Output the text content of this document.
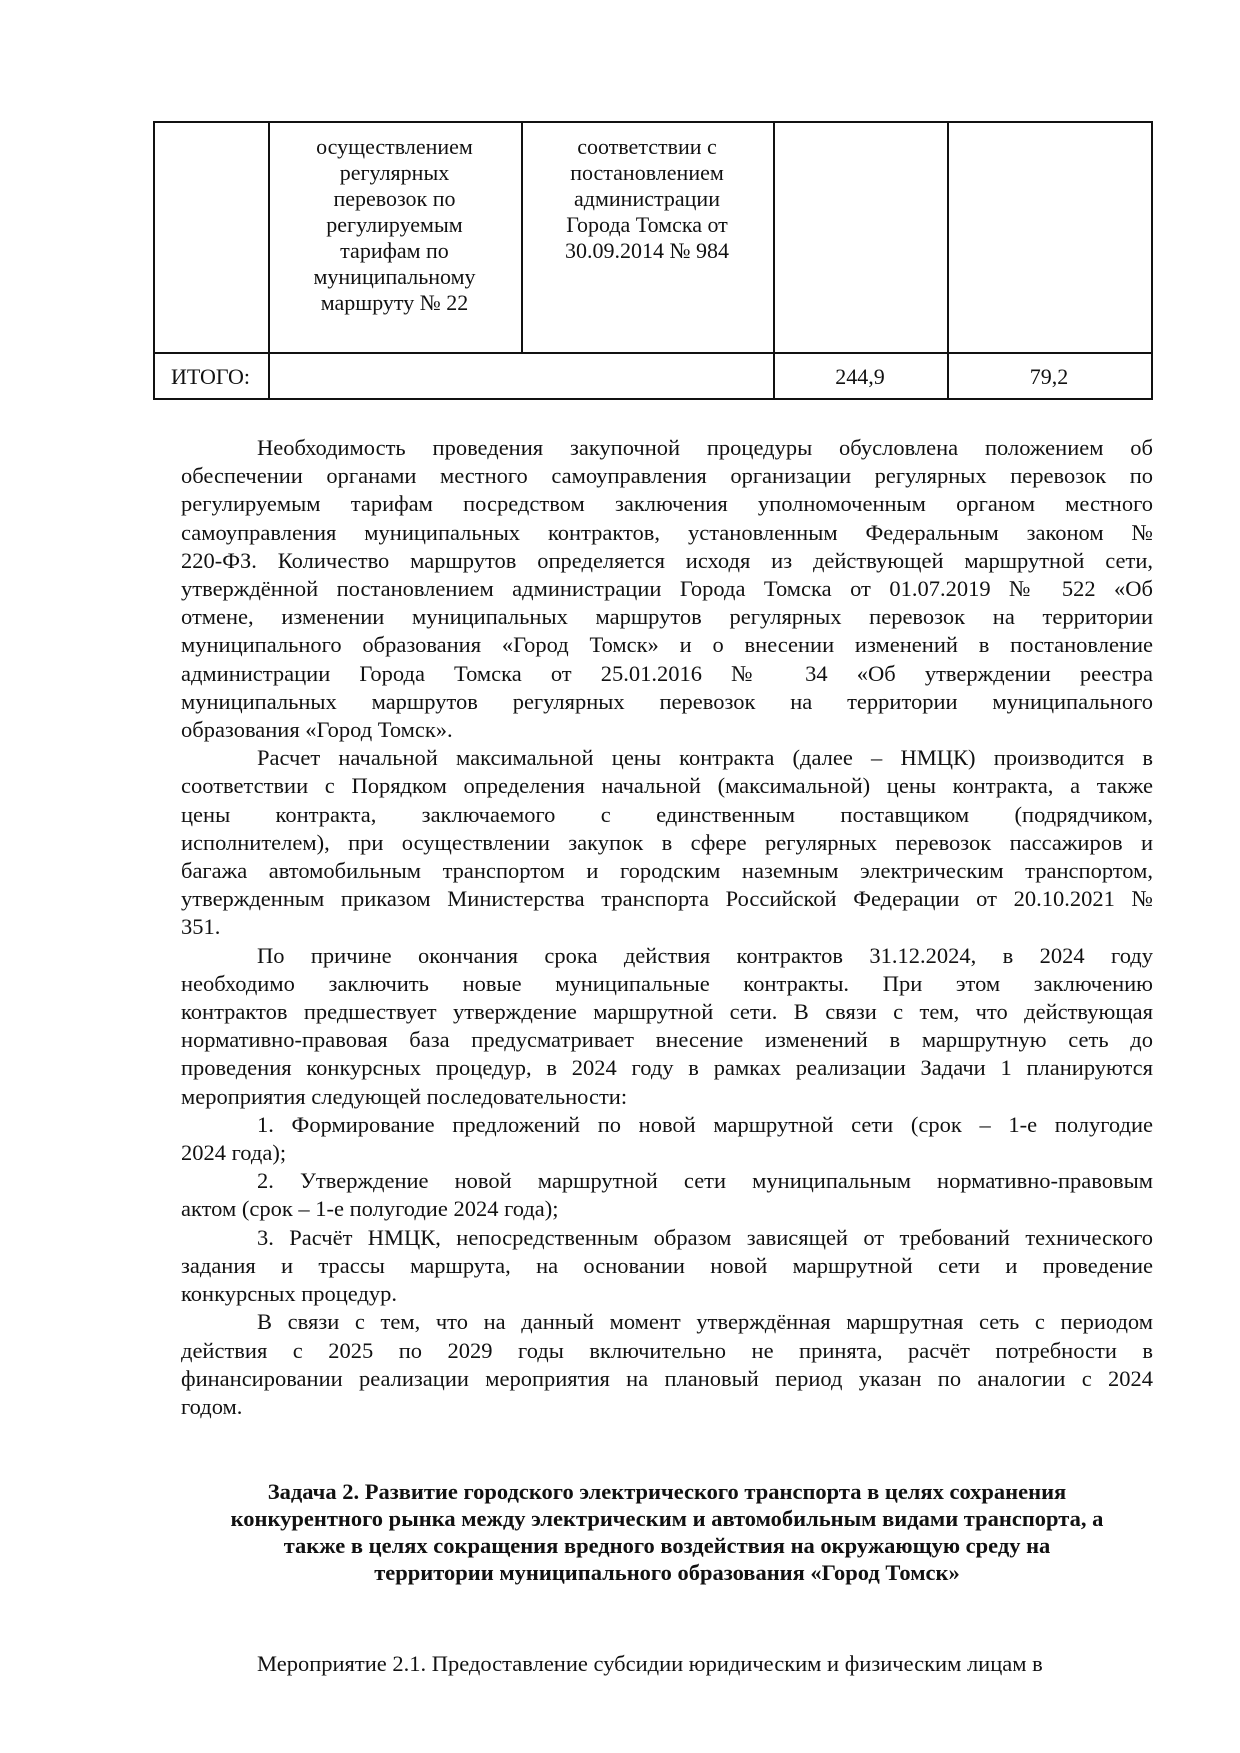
осуществлением
регулярных
перевозок по
регулируемым
тарифам по
муниципальному
маршруту № 22
соответствии с
постановлением
администрации
Города Томска от
30.09.2014 № 984
ИТОГО:	244,9	79,2
Необходимость проведения закупочной процедуры обусловлена положением об
обеспечении органами местного самоуправления организации регулярных перевозок по
регулируемым тарифам посредством заключения уполномоченным органом местного
самоуправления муниципальных контрактов, установленным Федеральным законом №
220-ФЗ. Количество маршрутов определяется исходя из действующей маршрутной сети,
утверждённой постановлением администрации Города Томска от 01.07.2019 № 522 «Об
отмене, изменении муниципальных маршрутов регулярных перевозок на территории
муниципального образования «Город Томск» и о внесении изменений в постановление
администрации Города Томска от 25.01.2016 № 34 «Об утверждении реестра
муниципальных маршрутов регулярных перевозок на территории муниципального
образования «Город Томск».
Расчет начальной максимальной цены контракта (далее – НМЦК) производится в
соответствии с Порядком определения начальной (максимальной) цены контракта, а также
цены контракта, заключаемого с единственным поставщиком (подрядчиком,
исполнителем), при осуществлении закупок в сфере регулярных перевозок пассажиров и
багажа автомобильным транспортом и городским наземным электрическим транспортом,
утвержденным приказом Министерства транспорта Российской Федерации от 20.10.2021 №
351.
По причине окончания срока действия контрактов 31.12.2024, в 2024 году
необходимо заключить новые муниципальные контракты. При этом заключению
контрактов предшествует утверждение маршрутной сети. В связи с тем, что действующая
нормативно-правовая база предусматривает внесение изменений в маршрутную сеть до
проведения конкурсных процедур, в 2024 году в рамках реализации Задачи 1 планируются
мероприятия следующей последовательности:
1. Формирование предложений по новой маршрутной сети (срок – 1-е полугодие
2024 года);
2. Утверждение новой маршрутной сети муниципальным нормативно-правовым
актом (срок – 1-е полугодие 2024 года);
3. Расчёт НМЦК, непосредственным образом зависящей от требований технического
задания и трассы маршрута, на основании новой маршрутной сети и проведение
конкурсных процедур.
В связи с тем, что на данный момент утверждённая маршрутная сеть с периодом
действия с 2025 по 2029 годы включительно не принята, расчёт потребности в
финансировании реализации мероприятия на плановый период указан по аналогии с 2024
годом.
Задача 2. Развитие городского электрического транспорта в целях сохранения
конкурентного рынка между электрическим и автомобильным видами транспорта, а
также в целях сокращения вредного воздействия на окружающую среду на
территории муниципального образования «Город Томск»
Мероприятие 2.1. Предоставление субсидии юридическим и физическим лицам в
